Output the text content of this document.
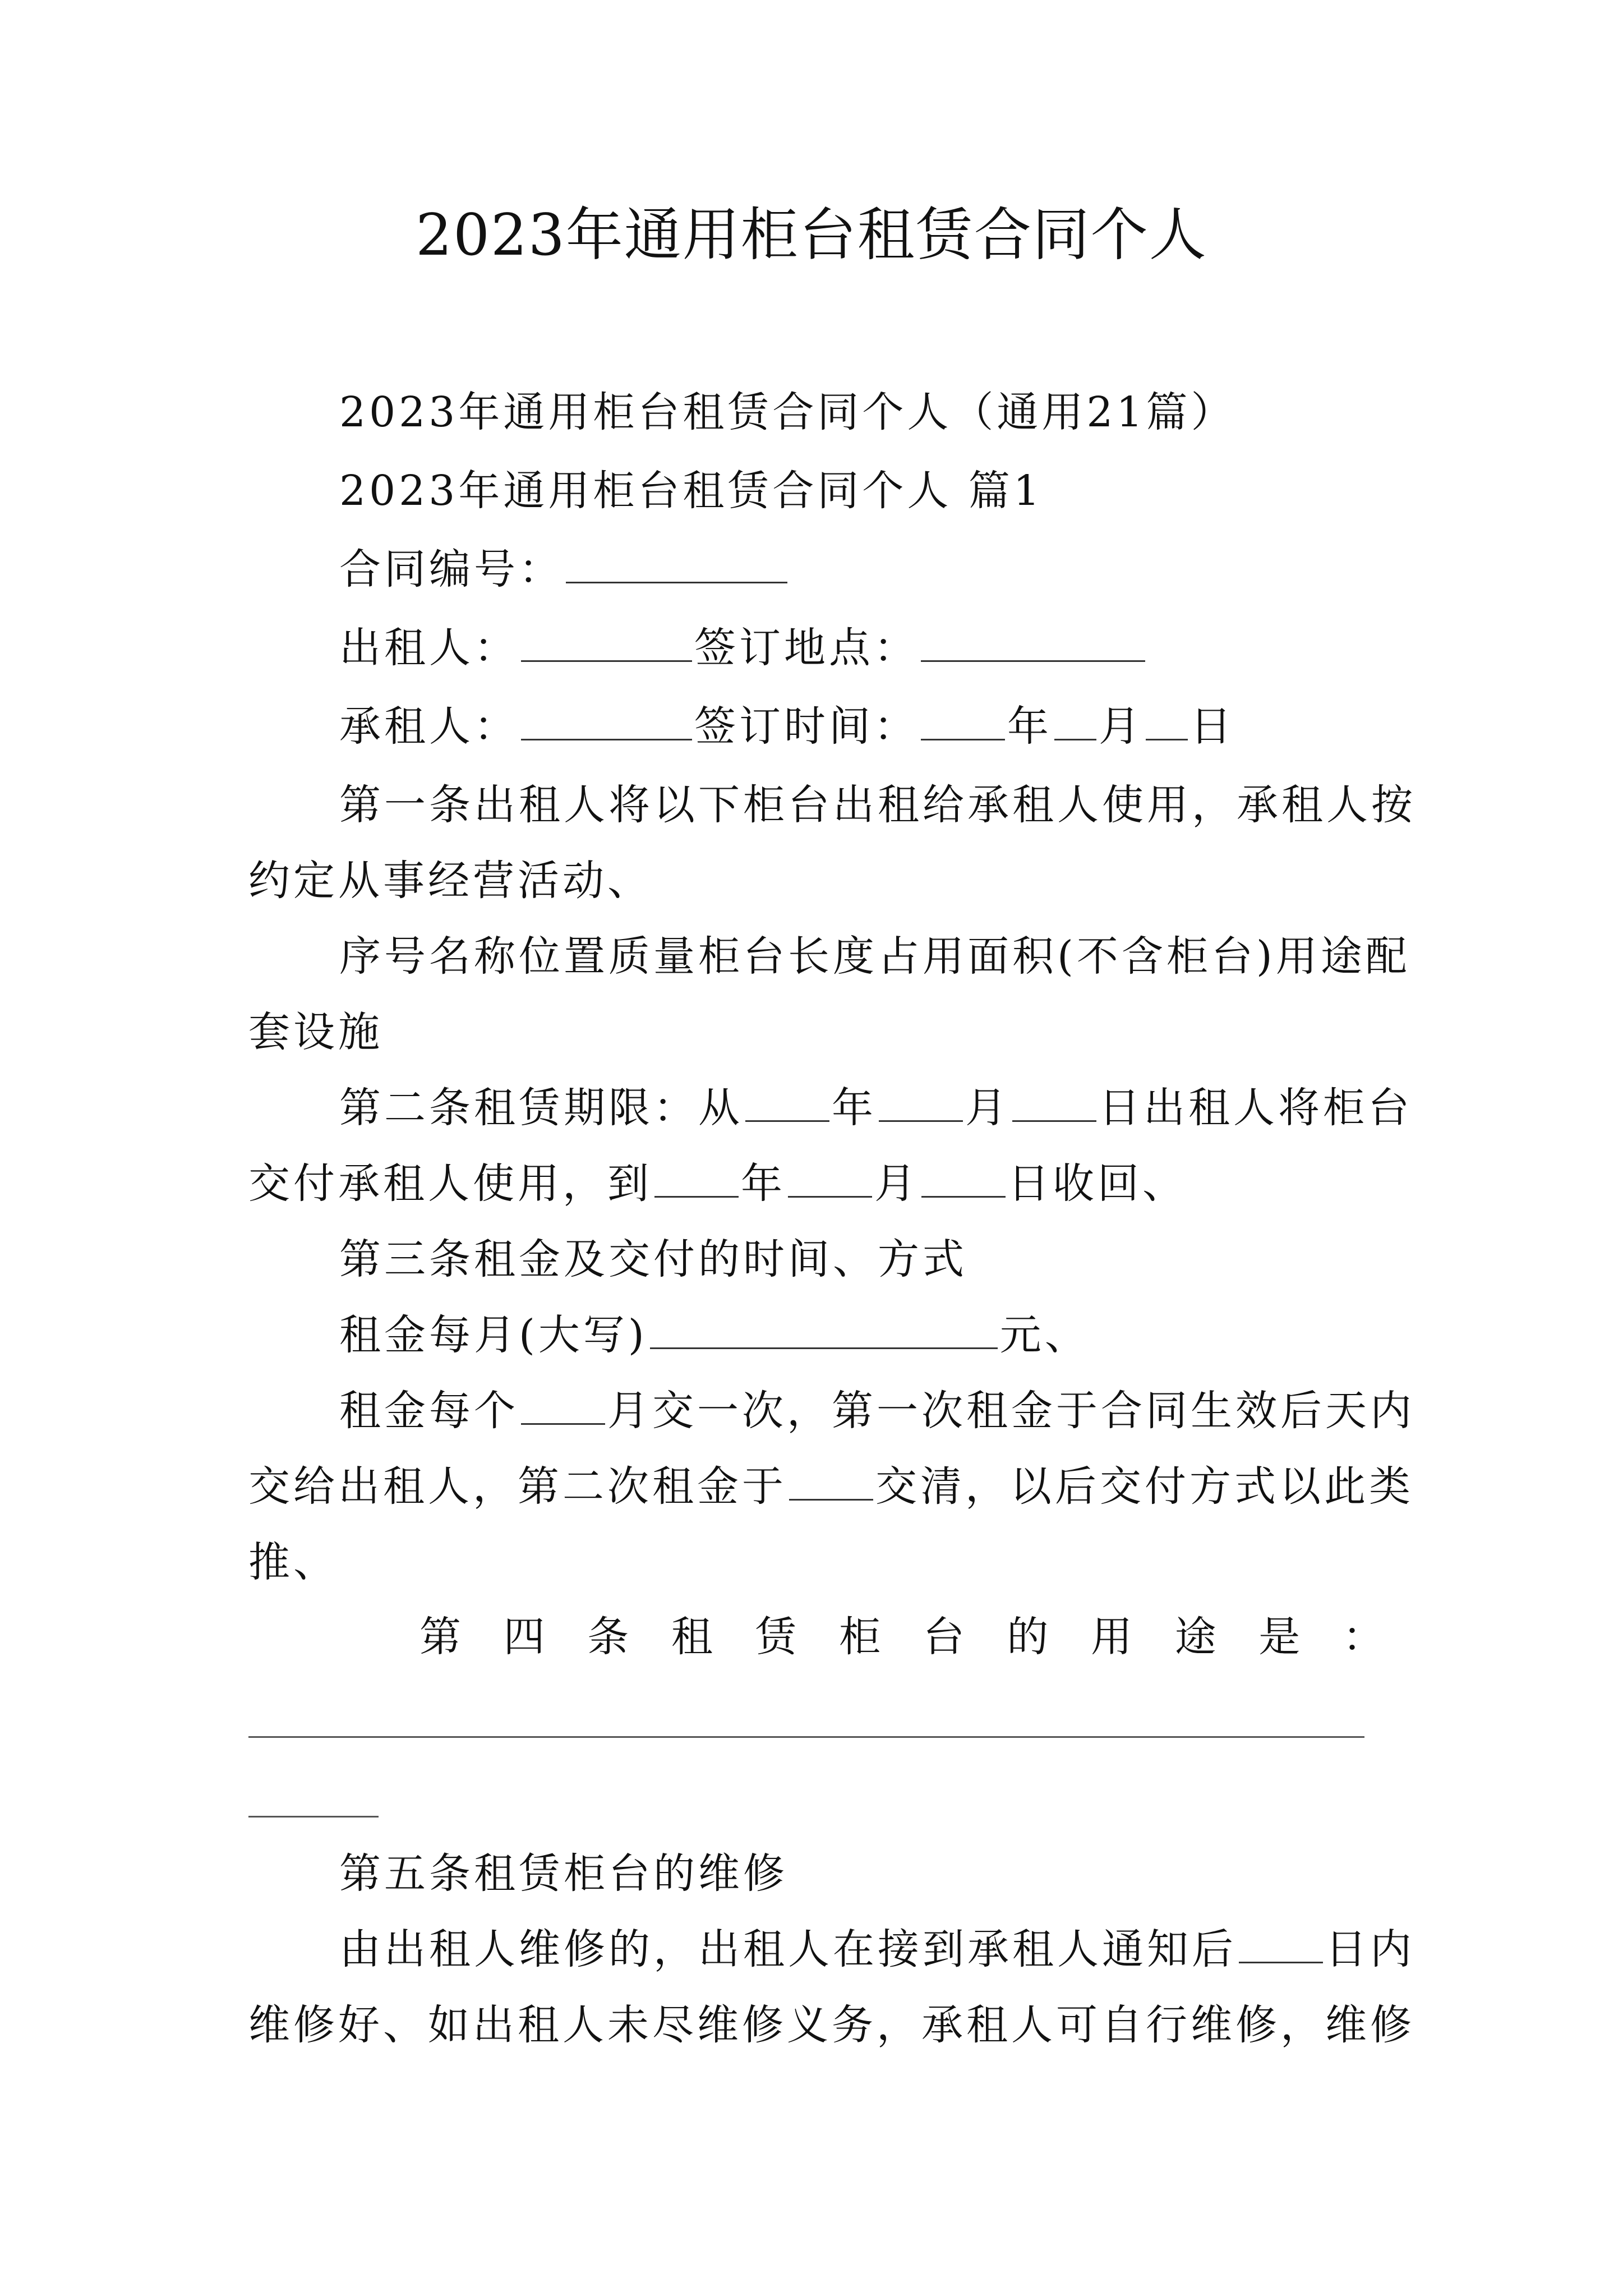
2023年通用柜台租赁合同个人

2023年通用柜台租赁合同个人（通用21篇）

2023年通用柜台租赁合同个人 篇1

合同编号：

出租人：	签订地点：

承租人：	签订时间： 年 月 日

第一条出租人将以下柜台出租给承租人使用，承租人按

约定从事经营活动、

序号名称位置质量柜台长度占用面积(不含柜台)用途配

套设施

第二条租赁期限：从 年 月 日出租人将柜台

交付承租人使用，到 年 月 日收回、

第三条租金及交付的时间、方式

租金每月(大写)	元、

租金每个 月交一次，第一次租金于合同生效后天内

交给出租人，第二次租金于 交清，以后交付方式以此类

推、

第 四 条 租 赁 柜 台 的 用 途 是 ：

第五条租赁柜台的维修

由出租人维修的，出租人在接到承租人通知后 日内

维修好、如出租人未尽维修义务，承租人可自行维修，维修
